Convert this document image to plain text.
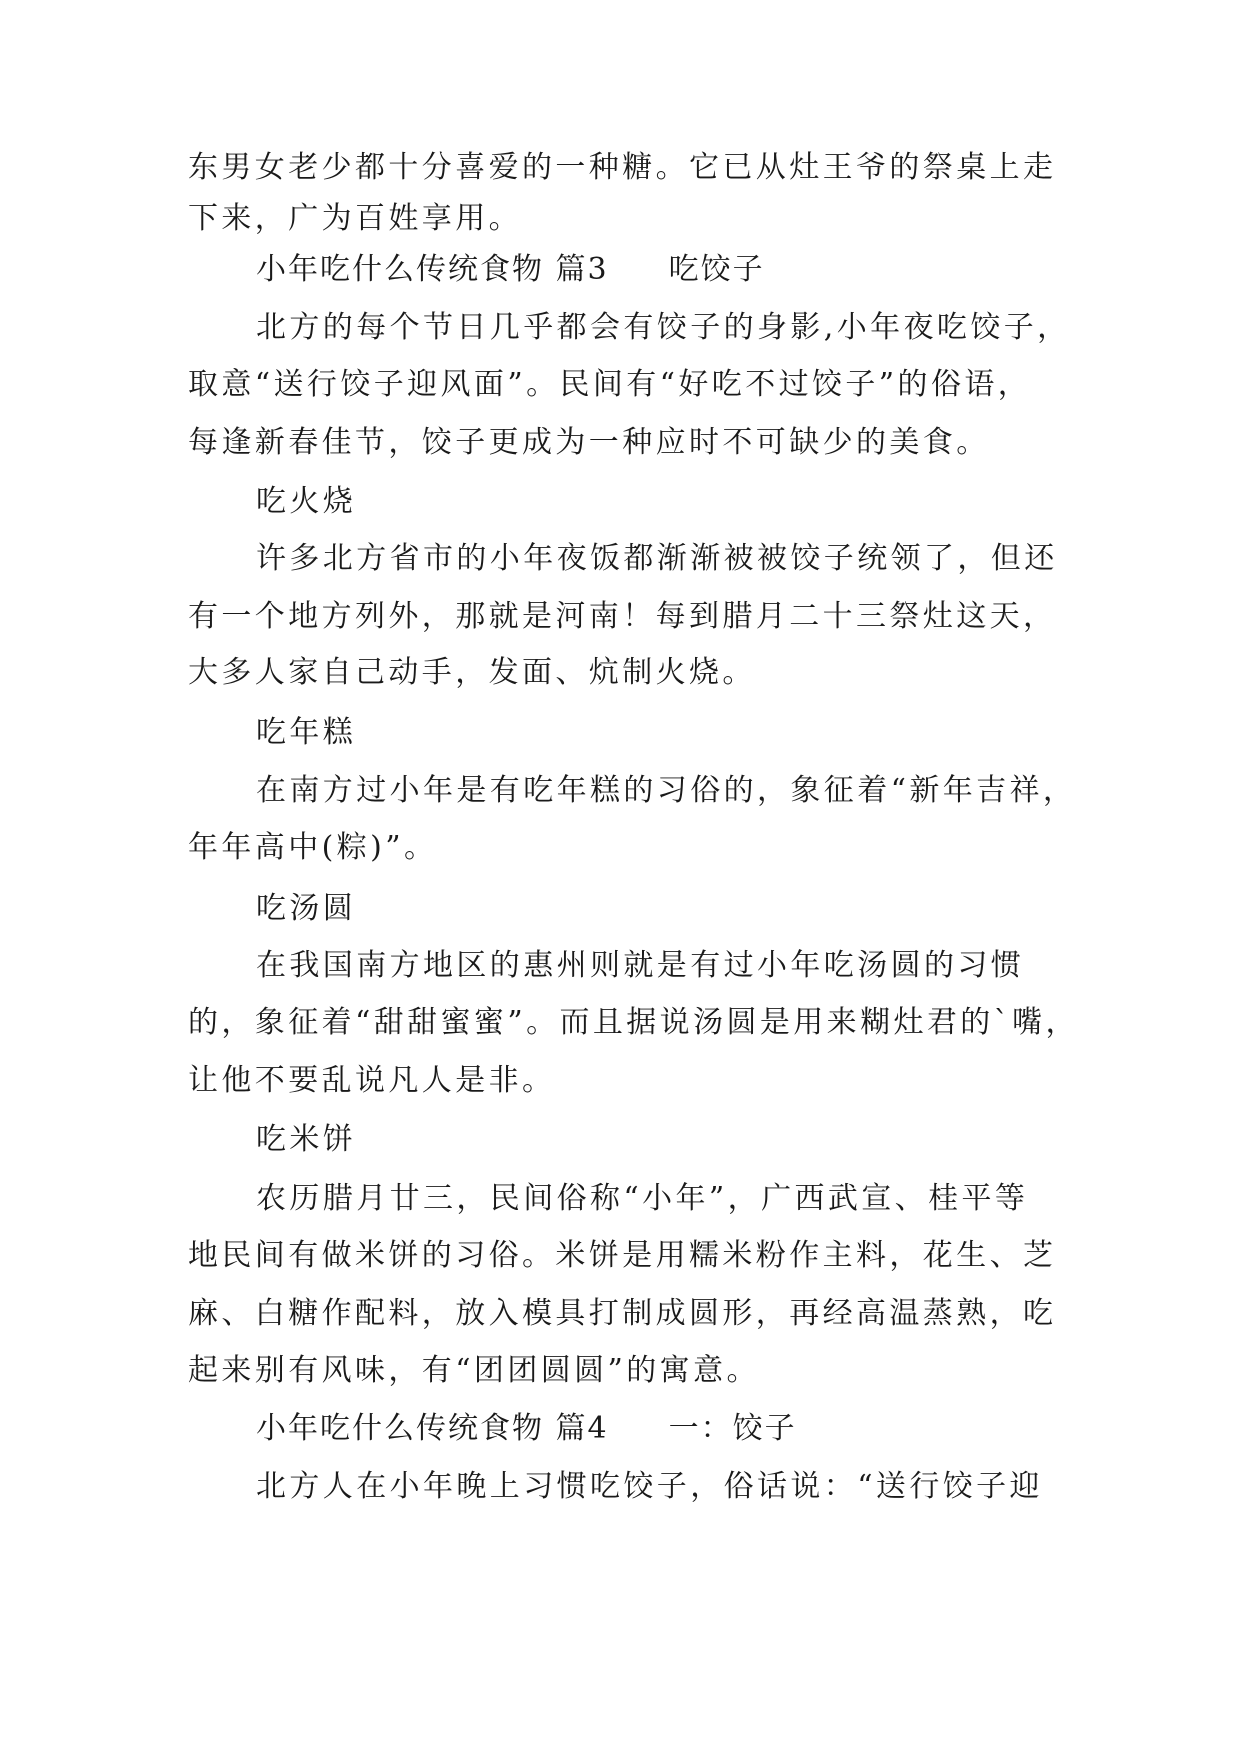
东男女老少都十分喜爱的一种糖。它已从灶王爷的祭桌上走
下来，广为百姓享用。
小年吃什么传统食物 篇3 吃饺子
北方的每个节日几乎都会有饺子的身影,小年夜吃饺子，
取意“送行饺子迎风面”。民间有“好吃不过饺子”的俗语，
每逢新春佳节，饺子更成为一种应时不可缺少的美食。
吃火烧
许多北方省市的小年夜饭都渐渐被被饺子统领了，但还
有一个地方列外，那就是河南！每到腊月二十三祭灶这天，
大多人家自己动手，发面、炕制火烧。
吃年糕
在南方过小年是有吃年糕的习俗的，象征着“新年吉祥，
年年高中(粽)”。
吃汤圆
在我国南方地区的惠州则就是有过小年吃汤圆的习惯
的，象征着“甜甜蜜蜜”。而且据说汤圆是用来糊灶君的`嘴，
让他不要乱说凡人是非。
吃米饼
农历腊月廿三，民间俗称“小年”，广西武宣、桂平等
地民间有做米饼的习俗。米饼是用糯米粉作主料，花生、芝
麻、白糖作配料，放入模具打制成圆形，再经高温蒸熟，吃
起来别有风味，有“团团圆圆”的寓意。
小年吃什么传统食物 篇4 一：饺子
北方人在小年晚上习惯吃饺子，俗话说：“送行饺子迎
